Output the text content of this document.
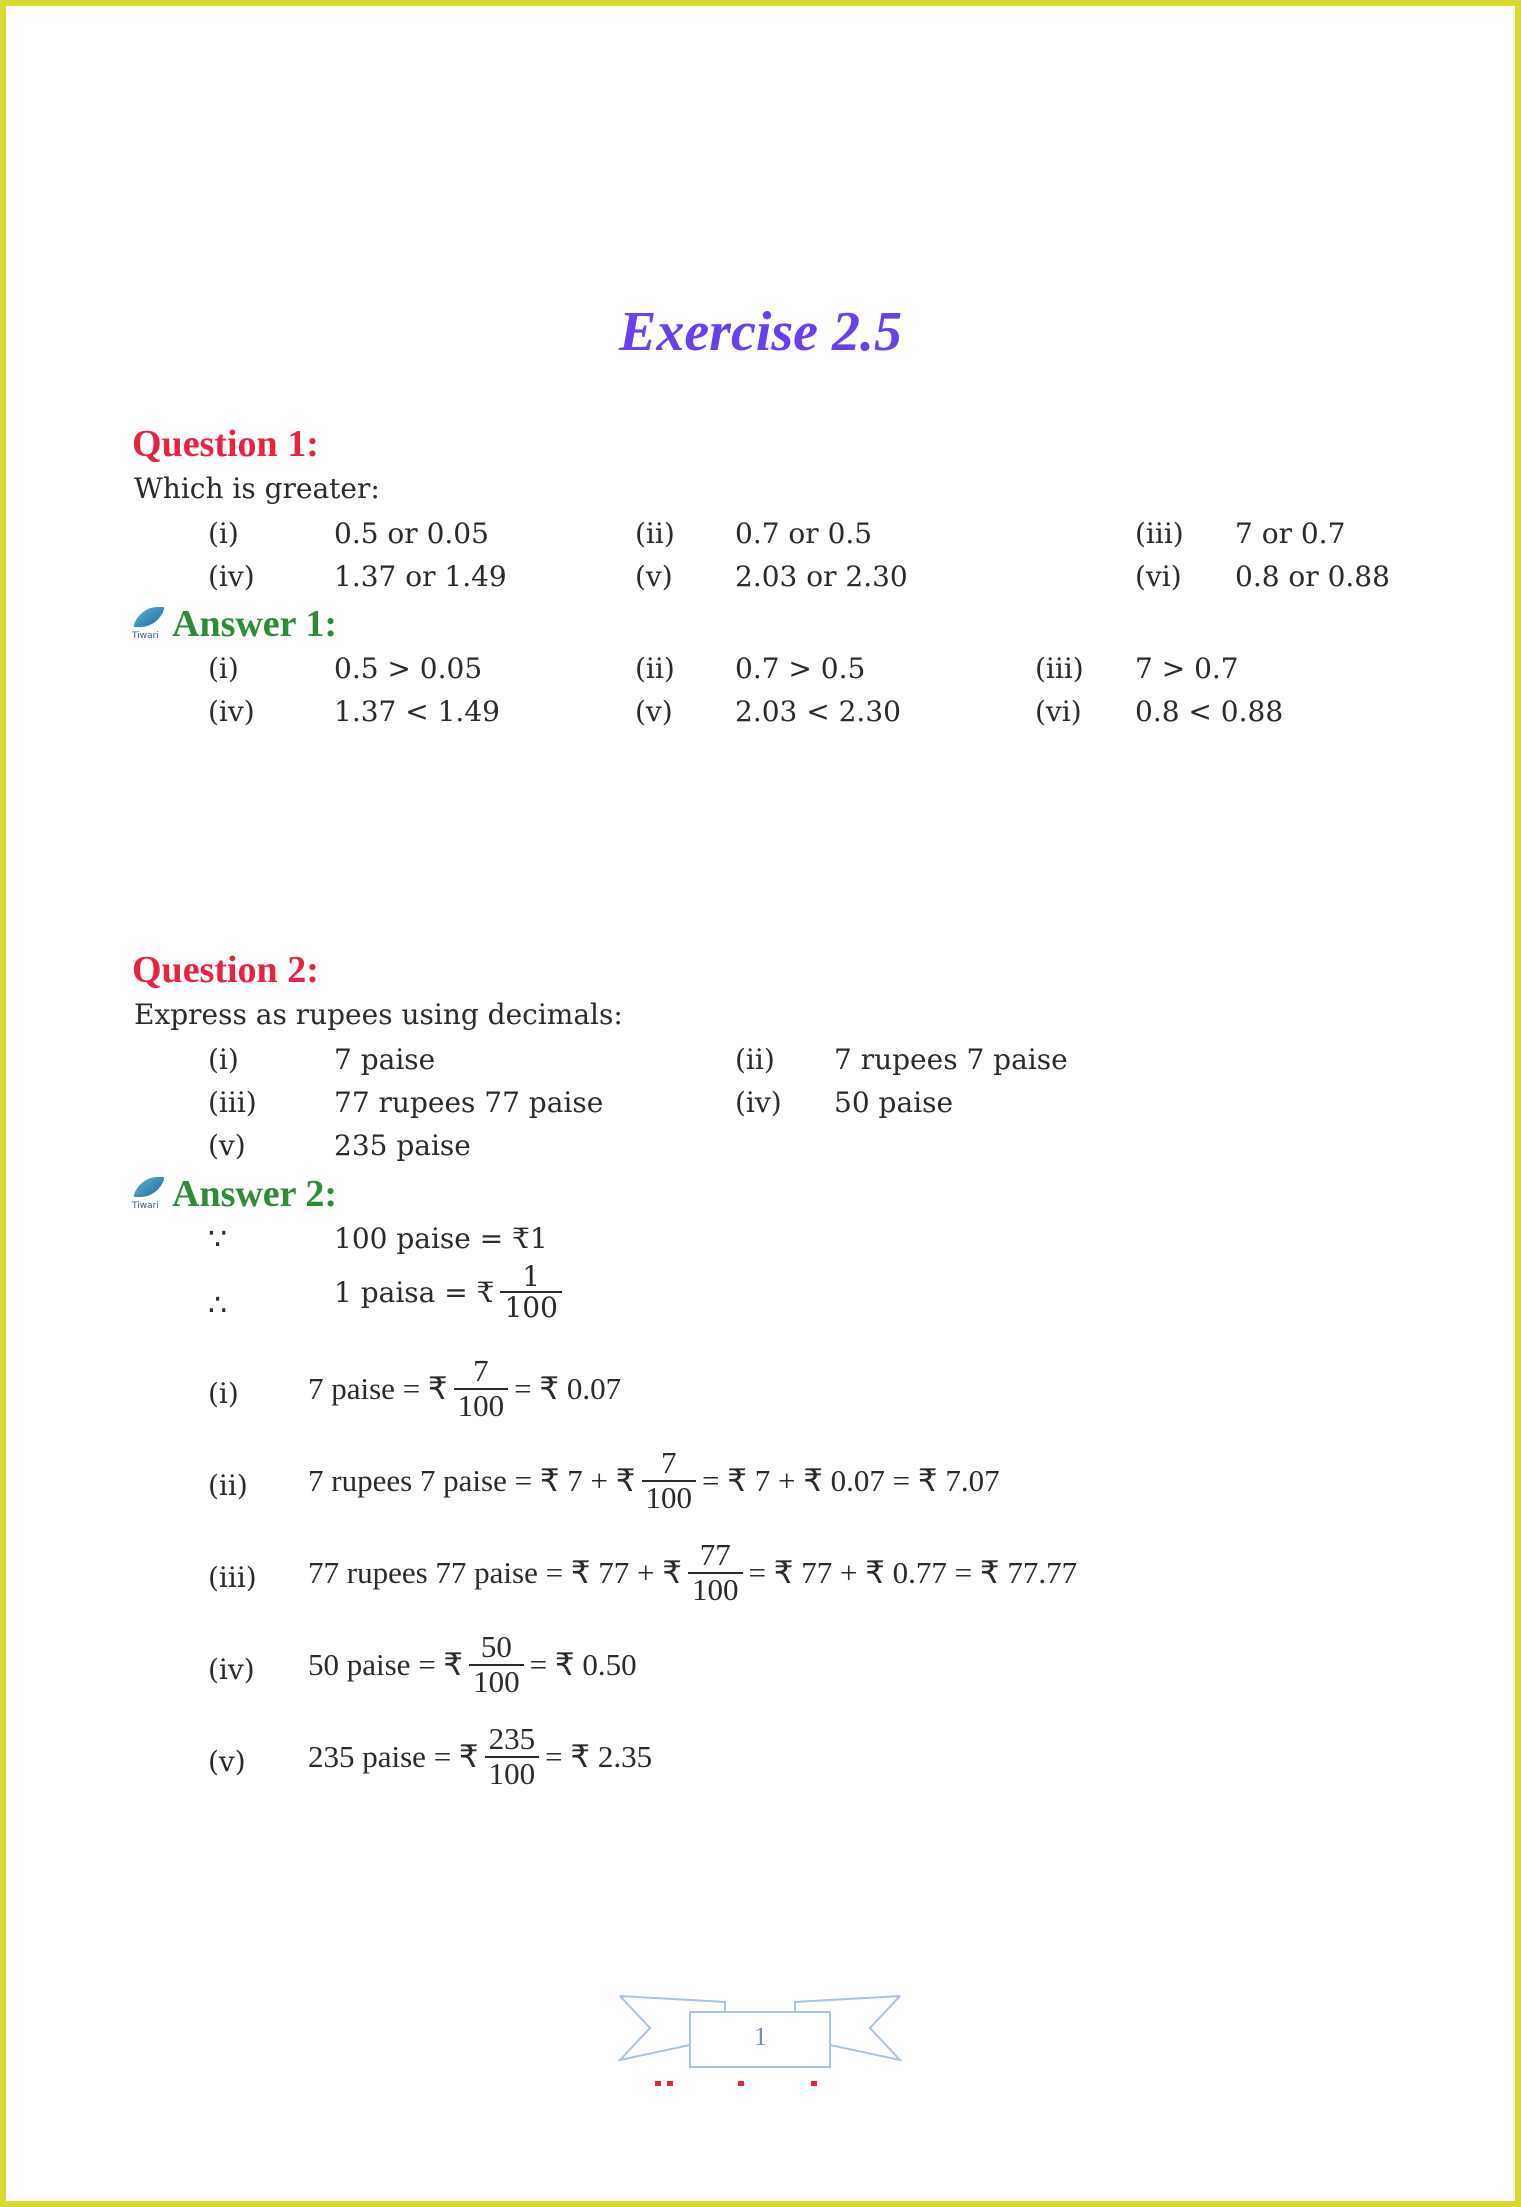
Exercise 2.5
Question 1:
Which is greater:
(i)	0.5 or 0.05	(ii) 0.7 or 0.5	(iii) 7 or 0.7
(iv)	1.37 or 1.49	(v) 2.03 or 2.30	(vi) 0.8 or 0.88
Tiwari Answer 1:
(i)	0.5 > 0.05	(ii) 0.7 > 0.5	(iii) 7 > 0.7
(iv)	1.37 < 1.49	(v) 2.03 < 2.30	(vi) 0.8 < 0.88
Question 2:
Express as rupees using decimals:
(i)	7 paise	(ii) 7 rupees 7 paise
(iii)	77 rupees 77 paise	(iv) 50 paise
(v)	235 paise
Tiwari Answer 2:
∵	100 paise = ₹1
∴	1 paisa = ₹ $\frac{1}{100}$
(i) 7 paise = ₹ $\frac{7}{100}$ = ₹ 0.07
(ii) 7 rupees 7 paise = ₹ 7 + ₹ $\frac{7}{100}$ = ₹ 7 + ₹ 0.07 = ₹ 7.07
(iii) 77 rupees 77 paise = ₹ 77 + ₹ $\frac{77}{100}$ = ₹ 77 + ₹ 0.77 = ₹ 77.77
(iv) 50 paise = ₹ $\frac{50}{100}$ = ₹ 0.50
(v) 235 paise = ₹ $\frac{235}{100}$ = ₹ 2.35
1
